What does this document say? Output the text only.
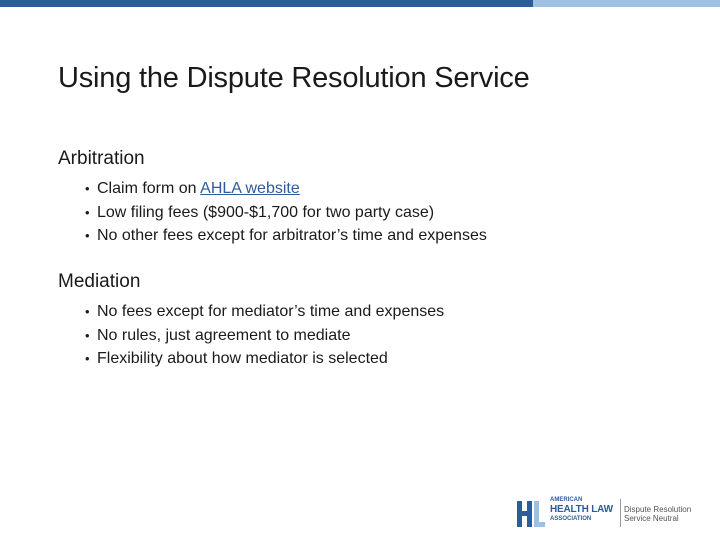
Using the Dispute Resolution Service

Arbitration

• Claim form on AHLA website
• Low filing fees ($900-$1,700 for two party case)
• No other fees except for arbitrator’s time and expenses

Mediation

• No fees except for mediator’s time and expenses
• No rules, just agreement to mediate
• Flexibility about how mediator is selected
AMERICAN
HEALTH LAW
ASSOCIATION
Dispute Resolution
Service Neutral
